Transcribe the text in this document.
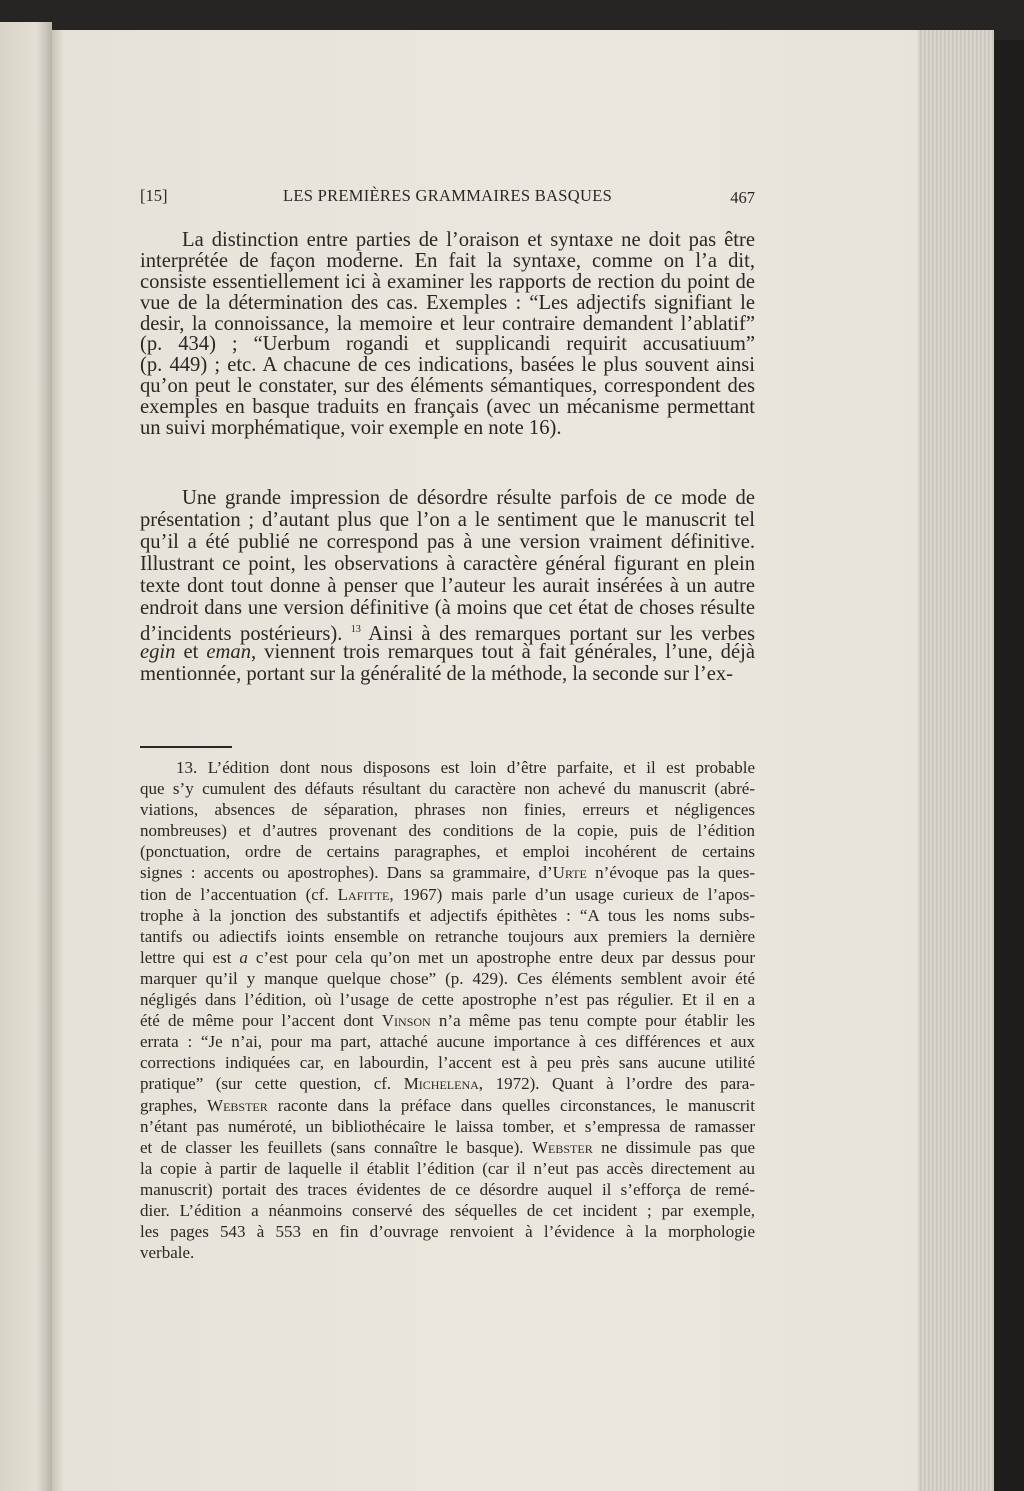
[15]	LES PREMIÈRES GRAMMAIRES BASQUES	467
La distinction entre parties de l’oraison et syntaxe ne doit pas être
interprétée de façon moderne. En fait la syntaxe, comme on l’a dit,
consiste essentiellement ici à examiner les rapports de rection du point de
vue de la détermination des cas. Exemples : “Les adjectifs signifiant le
desir, la connoissance, la memoire et leur contraire demandent l’ablatif”
(p. 434) ; “Uerbum rogandi et supplicandi requirit accusatiuum”
(p. 449) ; etc. A chacune de ces indications, basées le plus souvent ainsi
qu’on peut le constater, sur des éléments sémantiques, correspondent des
exemples en basque traduits en français (avec un mécanisme permettant
un suivi morphématique, voir exemple en note 16).
Une grande impression de désordre résulte parfois de ce mode de
présentation ; d’autant plus que l’on a le sentiment que le manuscrit tel
qu’il a été publié ne correspond pas à une version vraiment définitive.
Illustrant ce point, les observations à caractère général figurant en plein
texte dont tout donne à penser que l’auteur les aurait insérées à un autre
endroit dans une version définitive (à moins que cet état de choses résulte
d’incidents postérieurs). $^{13}$ Ainsi à des remarques portant sur les verbes
egin et eman, viennent trois remarques tout à fait générales, l’une, déjà
mentionnée, portant sur la généralité de la méthode, la seconde sur l’ex-
13. L’édition dont nous disposons est loin d’être parfaite, et il est probable
que s’y cumulent des défauts résultant du caractère non achevé du manuscrit (abré-
viations, absences de séparation, phrases non finies, erreurs et négligences
nombreuses) et d’autres provenant des conditions de la copie, puis de l’édition
(ponctuation, ordre de certains paragraphes, et emploi incohérent de certains
signes : accents ou apostrophes). Dans sa grammaire, d’Urte n’évoque pas la ques-
tion de l’accentuation (cf. Lafitte, 1967) mais parle d’un usage curieux de l’apos-
trophe à la jonction des substantifs et adjectifs épithètes : “A tous les noms subs-
tantifs ou adiectifs ioints ensemble on retranche toujours aux premiers la dernière
lettre qui est a c’est pour cela qu’on met un apostrophe entre deux par dessus pour
marquer qu’il y manque quelque chose” (p. 429). Ces éléments semblent avoir été
négligés dans l’édition, où l’usage de cette apostrophe n’est pas régulier. Et il en a
été de même pour l’accent dont Vinson n’a même pas tenu compte pour établir les
errata : “Je n’ai, pour ma part, attaché aucune importance à ces différences et aux
corrections indiquées car, en labourdin, l’accent est à peu près sans aucune utilité
pratique” (sur cette question, cf. Michelena, 1972). Quant à l’ordre des para-
graphes, Webster raconte dans la préface dans quelles circonstances, le manuscrit
n’étant pas numéroté, un bibliothécaire le laissa tomber, et s’empressa de ramasser
et de classer les feuillets (sans connaître le basque). Webster ne dissimule pas que
la copie à partir de laquelle il établit l’édition (car il n’eut pas accès directement au
manuscrit) portait des traces évidentes de ce désordre auquel il s’efforça de remé-
dier. L’édition a néanmoins conservé des séquelles de cet incident ; par exemple,
les pages 543 à 553 en fin d’ouvrage renvoient à l’évidence à la morphologie
verbale.
